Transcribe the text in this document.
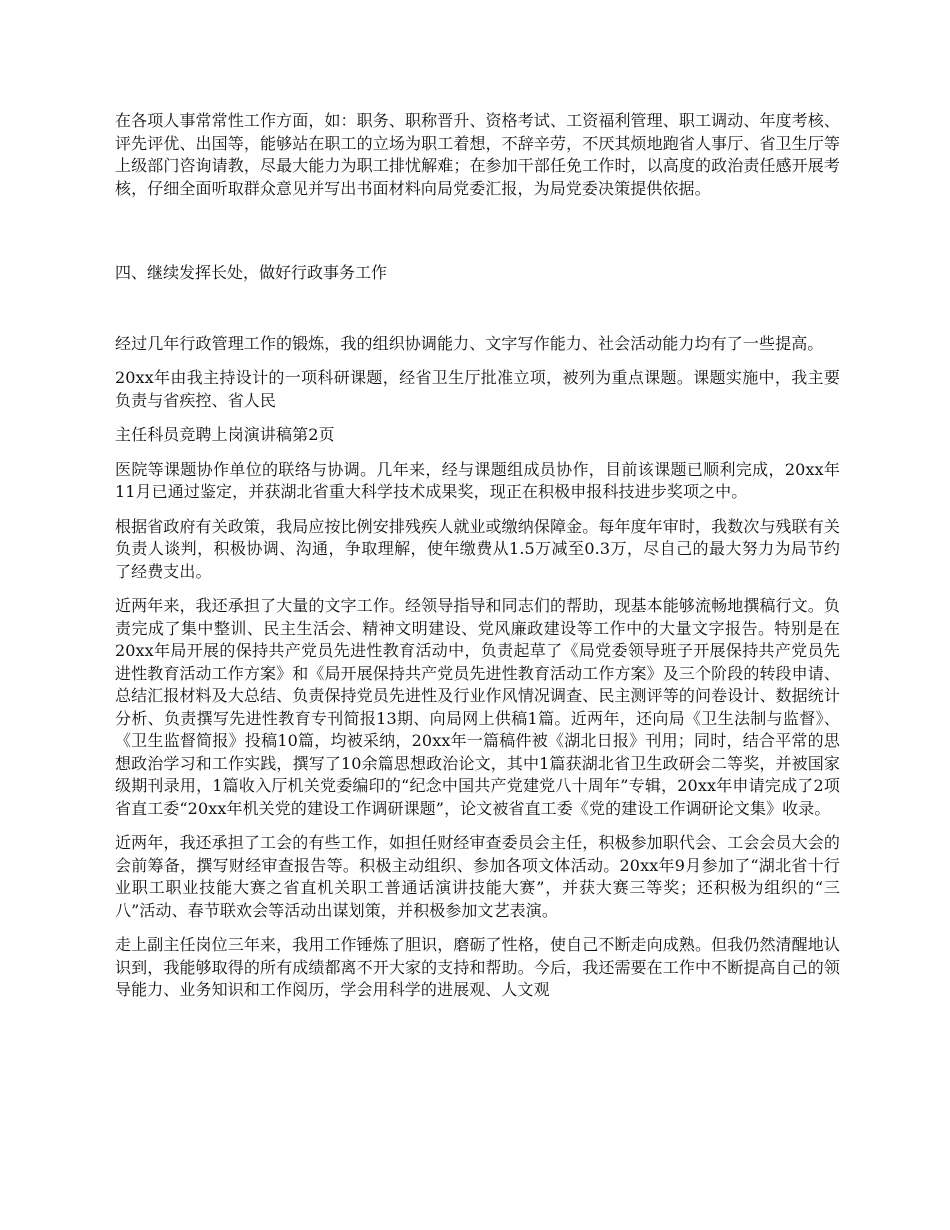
在各项人事常常性工作方面，如：职务、职称晋升、资格考试、工资福利管理、职工调动、年度考核、评先评优、出国等，能够站在职工的立场为职工着想，不辞辛劳，不厌其烦地跑省人事厅、省卫生厅等上级部门咨询请教，尽最大能力为职工排忧解难；在参加干部任免工作时，以高度的政治责任感开展考核，仔细全面听取群众意见并写出书面材料向局党委汇报，为局党委决策提供依据。

四、继续发挥长处，做好行政事务工作

经过几年行政管理工作的锻炼，我的组织协调能力、文字写作能力、社会活动能力均有了一些提高。

20xx年由我主持设计的一项科研课题，经省卫生厅批准立项，被列为重点课题。课题实施中，我主要负责与省疾控、省人民

主任科员竞聘上岗演讲稿第2页

医院等课题协作单位的联络与协调。几年来，经与课题组成员协作，目前该课题已顺利完成，20xx年11月已通过鉴定，并获湖北省重大科学技术成果奖，现正在积极申报科技进步奖项之中。

根据省政府有关政策，我局应按比例安排残疾人就业或缴纳保障金。每年度年审时，我数次与残联有关负责人谈判，积极协调、沟通，争取理解，使年缴费从1.5万减至0.3万，尽自己的最大努力为局节约了经费支出。

近两年来，我还承担了大量的文字工作。经领导指导和同志们的帮助，现基本能够流畅地撰稿行文。负责完成了集中整训、民主生活会、精神文明建设、党风廉政建设等工作中的大量文字报告。特别是在20xx年局开展的保持共产党员先进性教育活动中，负责起草了《局党委领导班子开展保持共产党员先进性教育活动工作方案》和《局开展保持共产党员先进性教育活动工作方案》及三个阶段的转段申请、总结汇报材料及大总结、负责保持党员先进性及行业作风情况调查、民主测评等的问卷设计、数据统计分析、负责撰写先进性教育专刊简报13期、向局网上供稿1篇。近两年，还向局《卫生法制与监督》、《卫生监督简报》投稿10篇，均被采纳，20xx年一篇稿件被《湖北日报》刊用；同时，结合平常的思想政治学习和工作实践，撰写了10余篇思想政治论文，其中1篇获湖北省卫生政研会二等奖，并被国家级期刊录用，1篇收入厅机关党委编印的“纪念中国共产党建党八十周年”专辑，20xx年申请完成了2项省直工委“20xx年机关党的建设工作调研课题”，论文被省直工委《党的建设工作调研论文集》收录。

近两年，我还承担了工会的有些工作，如担任财经审查委员会主任，积极参加职代会、工会会员大会的会前筹备，撰写财经审查报告等。积极主动组织、参加各项文体活动。20xx年9月参加了“湖北省十行业职工职业技能大赛之省直机关职工普通话演讲技能大赛”，并获大赛三等奖；还积极为组织的“三八”活动、春节联欢会等活动出谋划策，并积极参加文艺表演。

走上副主任岗位三年来，我用工作锤炼了胆识，磨砺了性格，使自己不断走向成熟。但我仍然清醒地认识到，我能够取得的所有成绩都离不开大家的支持和帮助。今后，我还需要在工作中不断提高自己的领导能力、业务知识和工作阅历，学会用科学的进展观、人文观
